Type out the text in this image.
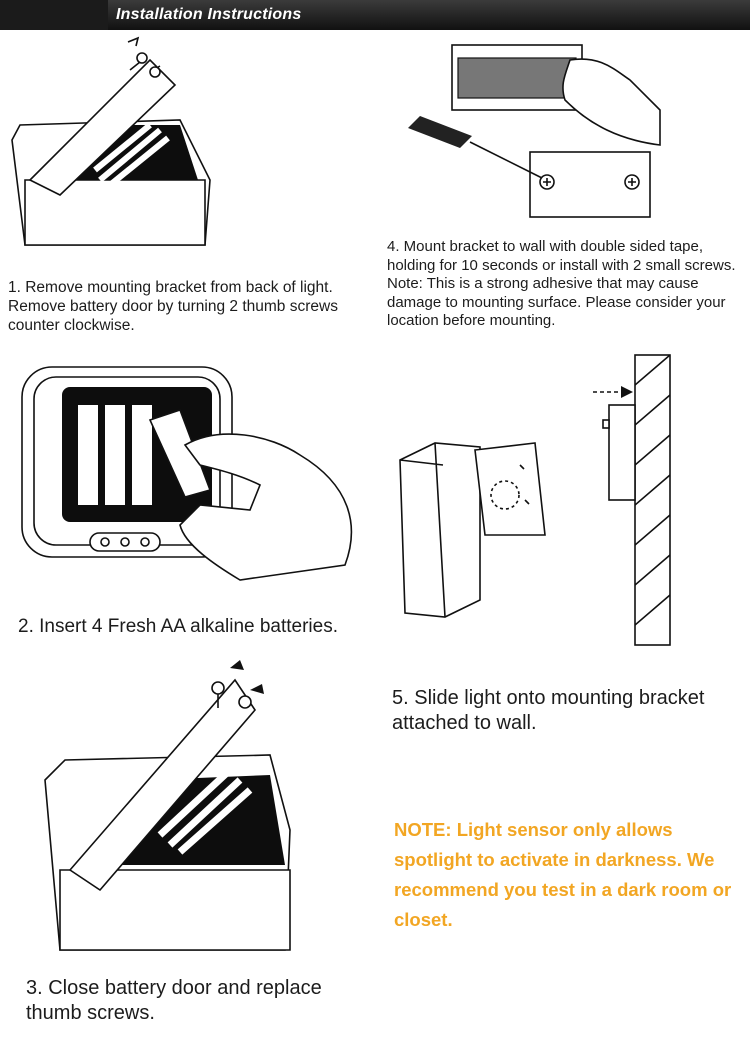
Installation Instructions
1. Remove mounting bracket from back of light. Remove battery door by turning 2 thumb screws counter clockwise.
4. Mount bracket to wall with double sided tape, holding for 10 seconds or install with 2 small screws. Note: This is a strong adhesive that may cause damage to mounting surface. Please consider your location before mounting.
2. Insert 4 Fresh AA alkaline batteries.
5. Slide light onto mounting bracket attached to wall.
3. Close battery door and replace thumb screws.
NOTE: Light sensor only allows spotlight to activate in darkness. We recommend you test in a dark room or closet.
